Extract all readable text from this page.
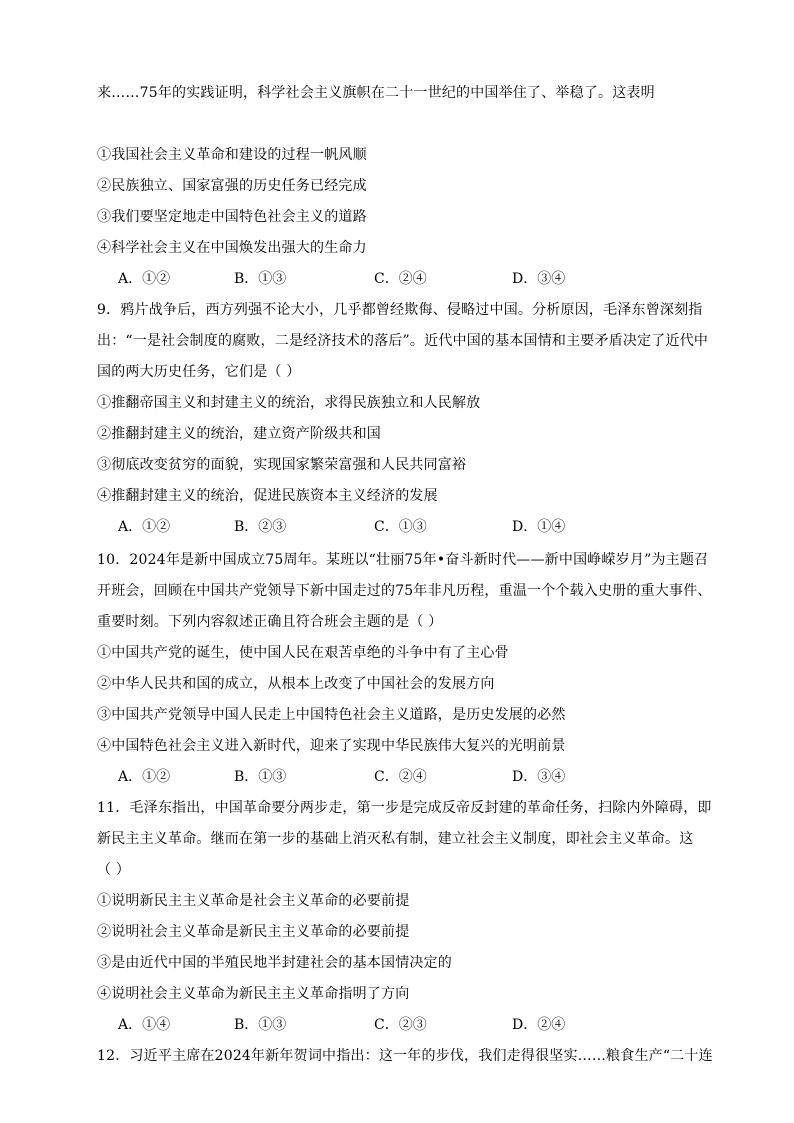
来……75年的实践证明，科学社会主义旗帜在二十一世纪的中国举住了、举稳了。这表明
①我国社会主义革命和建设的过程一帆风顺
②民族独立、国家富强的历史任务已经完成
③我们要坚定地走中国特色社会主义的道路
④科学社会主义在中国焕发出强大的生命力
A．①②	B．①③	C．②④	D．③④
9．鸦片战争后，西方列强不论大小，几乎都曾经欺侮、侵略过中国。分析原因，毛泽东曾深刻指
出：“一是社会制度的腐败，二是经济技术的落后”。近代中国的基本国情和主要矛盾决定了近代中
国的两大历史任务，它们是（ ）
①推翻帝国主义和封建主义的统治，求得民族独立和人民解放
②推翻封建主义的统治，建立资产阶级共和国
③彻底改变贫穷的面貌，实现国家繁荣富强和人民共同富裕
④推翻封建主义的统治，促进民族资本主义经济的发展
A．①②	B．②③	C．①③	D．①④
10．2024年是新中国成立75周年。某班以“壮丽75年•奋斗新时代——新中国峥嵘岁月”为主题召
开班会，回顾在中国共产党领导下新中国走过的75年非凡历程，重温一个个载入史册的重大事件、
重要时刻。下列内容叙述正确且符合班会主题的是（ ）
①中国共产党的诞生，使中国人民在艰苦卓绝的斗争中有了主心骨
②中华人民共和国的成立，从根本上改变了中国社会的发展方向
③中国共产党领导中国人民走上中国特色社会主义道路，是历史发展的必然
④中国特色社会主义进入新时代，迎来了实现中华民族伟大复兴的光明前景
A．①②	B．①③	C．②④	D．③④
11．毛泽东指出，中国革命要分两步走，第一步是完成反帝反封建的革命任务，扫除内外障碍，即
新民主主义革命。继而在第一步的基础上消灭私有制，建立社会主义制度，即社会主义革命。这
（ ）
①说明新民主主义革命是社会主义革命的必要前提
②说明社会主义革命是新民主主义革命的必要前提
③是由近代中国的半殖民地半封建社会的基本国情决定的
④说明社会主义革命为新民主主义革命指明了方向
A．①④	B．①③	C．②③	D．②④
12．习近平主席在2024年新年贺词中指出：这一年的步伐，我们走得很坚实……粮食生产“二十连
